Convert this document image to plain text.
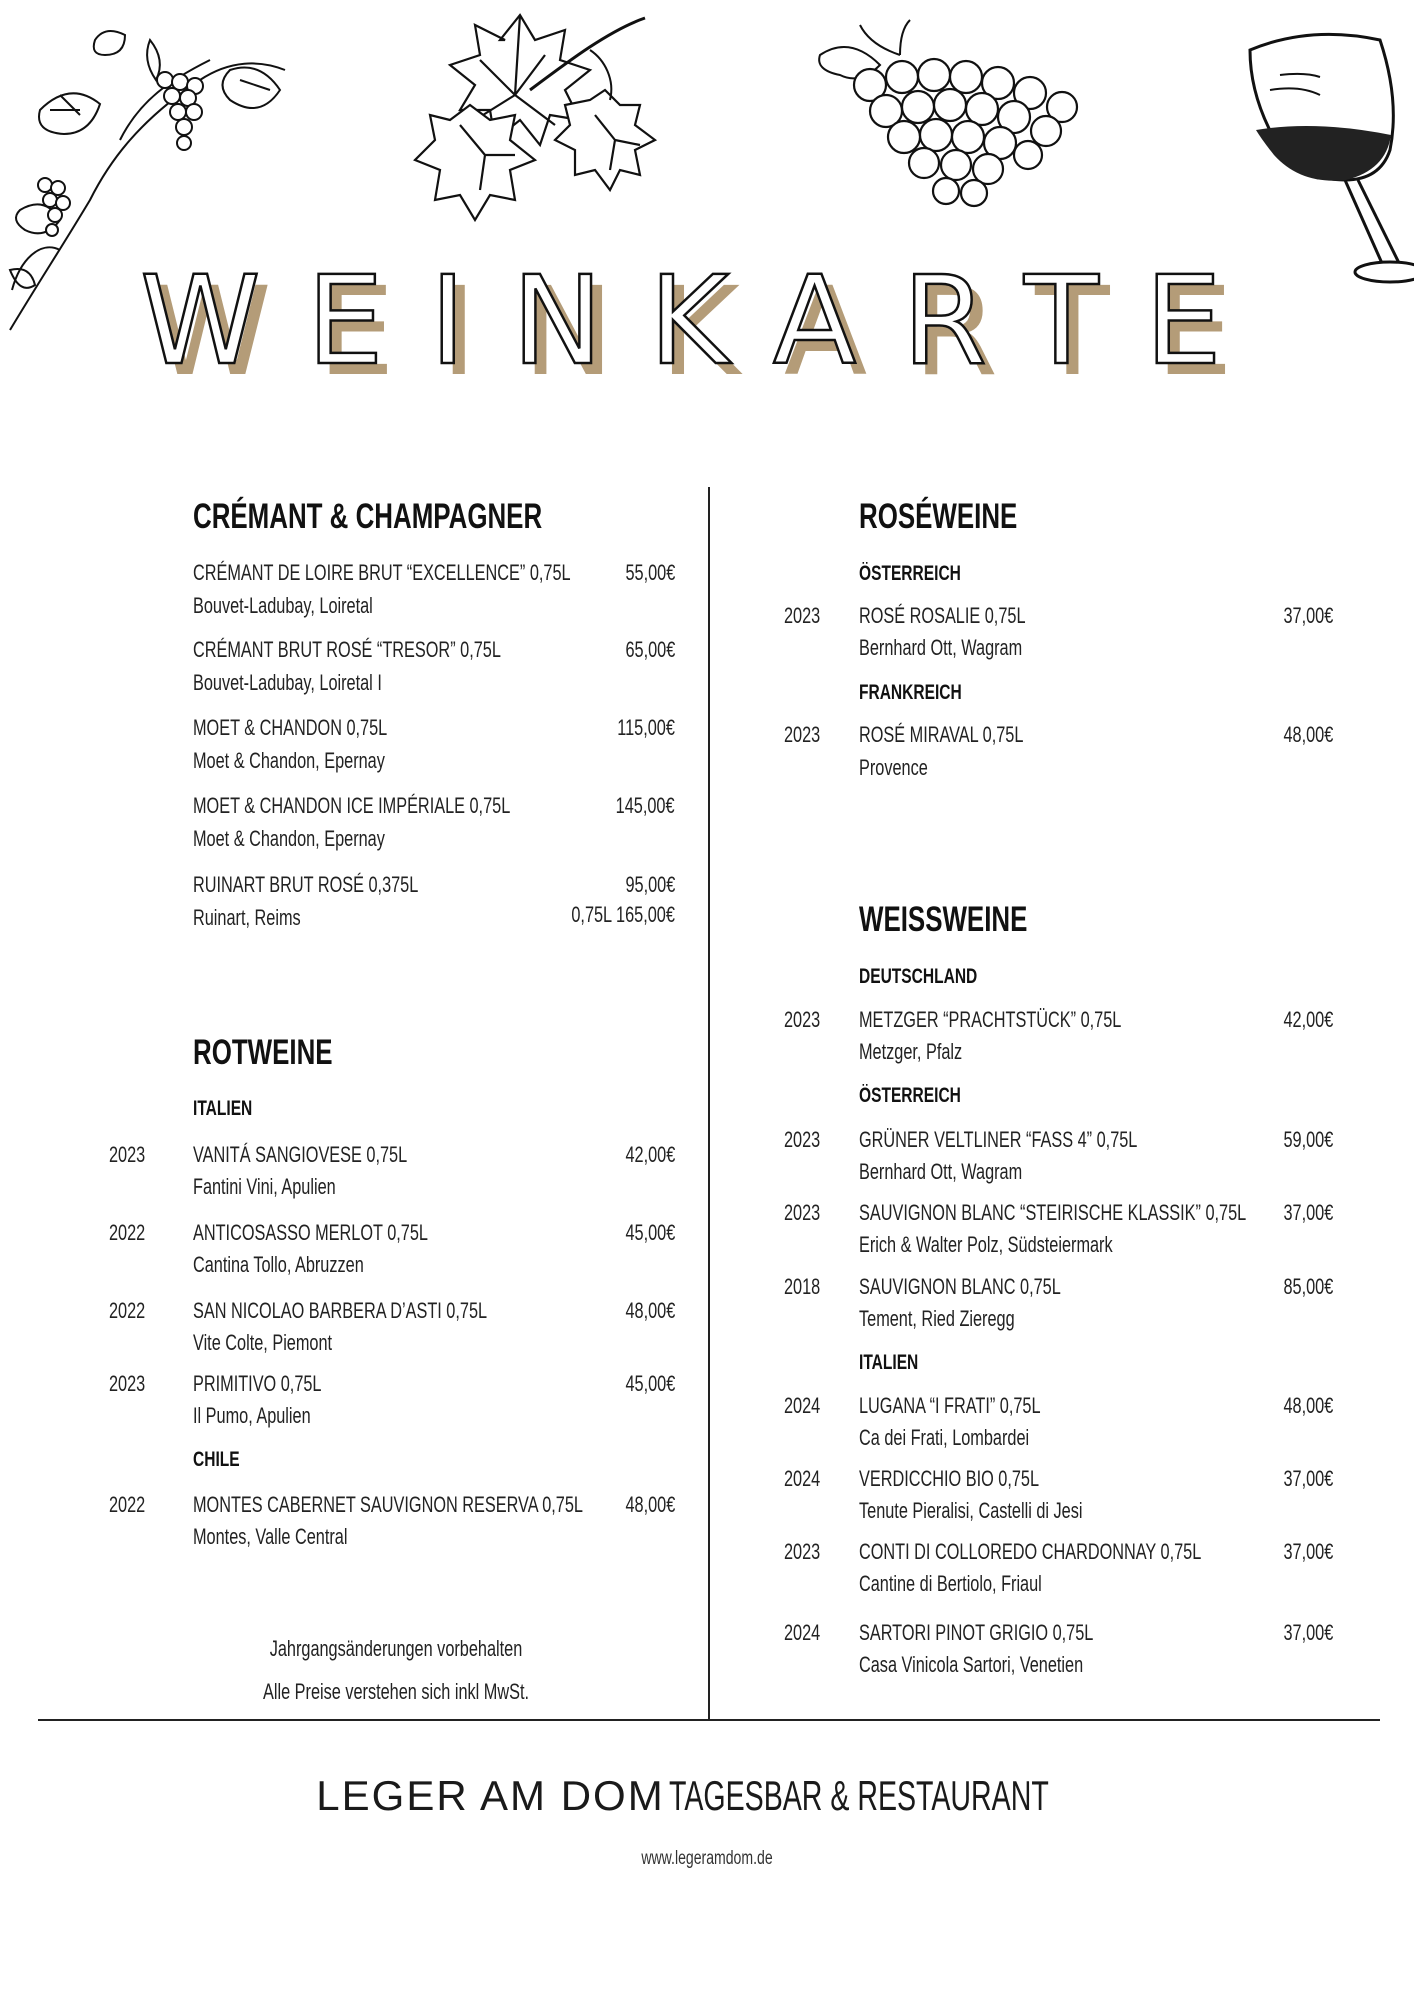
WEINKARTE
CRÉMANT & CHAMPAGNER
CRÉMANT DE LOIRE BRUT “EXCELLENCE” 0,75L
Bouvet-Ladubay, Loiretal
55,00€
CRÉMANT BRUT ROSÉ “TRESOR” 0,75L
Bouvet-Ladubay, Loiretal I
65,00€
MOET & CHANDON 0,75L
Moet & Chandon, Epernay
115,00€
MOET & CHANDON ICE IMPÉRIALE 0,75L
Moet & Chandon, Epernay
145,00€
RUINART BRUT ROSÉ 0,375L
Ruinart, Reims
95,00€
0,75L 165,00€
ROTWEINE
ITALIEN
2023 VANITÁ SANGIOVESE 0,75L
Fantini Vini, Apulien
42,00€
2022 ANTICOSASSO MERLOT 0,75L
Cantina Tollo, Abruzzen
45,00€
2022 SAN NICOLAO BARBERA D’ASTI 0,75L
Vite Colte, Piemont
48,00€
2023 PRIMITIVO 0,75L
Il Pumo, Apulien
45,00€
CHILE
2022 MONTES CABERNET SAUVIGNON RESERVA 0,75L
Montes, Valle Central
48,00€
Jahrgangsänderungen vorbehalten
Alle Preise verstehen sich inkl MwSt.
ROSÉWEINE
ÖSTERREICH
2023 ROSÉ ROSALIE 0,75L
Bernhard Ott, Wagram
37,00€
FRANKREICH
2023 ROSÉ MIRAVAL 0,75L
Provence
48,00€
WEISSWEINE
DEUTSCHLAND
2023 METZGER “PRACHTSTÜCK” 0,75L
Metzger, Pfalz
42,00€
ÖSTERREICH
2023 GRÜNER VELTLINER “FASS 4” 0,75L
Bernhard Ott, Wagram
59,00€
2023 SAUVIGNON BLANC “STEIRISCHE KLASSIK” 0,75L
Erich & Walter Polz, Südsteiermark
37,00€
2018 SAUVIGNON BLANC 0,75L
Tement, Ried Zieregg
85,00€
ITALIEN
2024 LUGANA “I FRATI” 0,75L
Ca dei Frati, Lombardei
48,00€
2024 VERDICCHIO BIO 0,75L
Tenute Pieralisi, Castelli di Jesi
37,00€
2023 CONTI DI COLLOREDO CHARDONNAY 0,75L
Cantine di Bertiolo, Friaul
37,00€
2024 SARTORI PINOT GRIGIO 0,75L
Casa Vinicola Sartori, Venetien
37,00€
LEGER AM DOM TAGESBAR & RESTAURANT
www.legeramdom.de
